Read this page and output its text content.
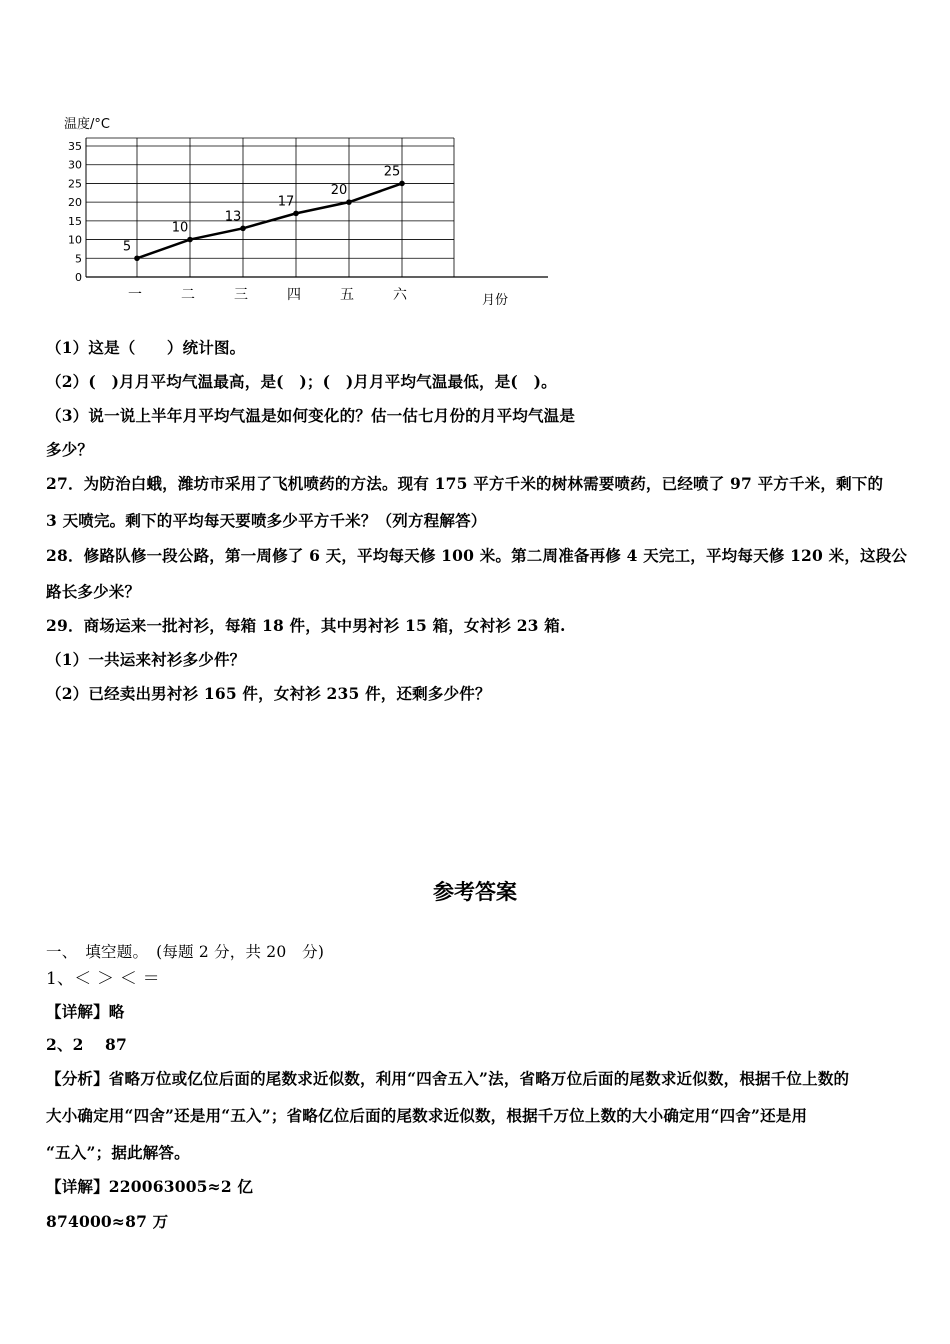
温度/°C
0
5
10
15
20
25
30
35
一	二	三	四	五	六
5
10
13
17
20
25
月份
（1）这是（　　）统计图。
（2）(　)月月平均气温最高，是(　)；(　)月月平均气温最低，是(　)。
（3）说一说上半年月平均气温是如何变化的？估一估七月份的月平均气温是
多少？
27．为防治白蛾，潍坊市采用了飞机喷药的方法。现有 175 平方千米的树林需要喷药，已经喷了 97 平方千米，剩下的
3 天喷完。剩下的平均每天要喷多少平方千米？（列方程解答）
28．修路队修一段公路，第一周修了 6 天，平均每天修 100 米。第二周准备再修 4 天完工，平均每天修 120 米，这段公
路长多少米？
29．商场运来一批衬衫，每箱 18 件，其中男衬衫 15 箱，女衬衫 23 箱.
（1）一共运来衬衫多少件？
（2）已经卖出男衬衫 165 件，女衬衫 235 件，还剩多少件？
参考答案
一、　填空题。　(每题 2 分，共 20　分)
1、＜ ＞ ＜ ＝
【详解】略
2、2　 87
【分析】省略万位或亿位后面的尾数求近似数，利用“四舍五入”法，省略万位后面的尾数求近似数，根据千位上数的
大小确定用“四舍”还是用“五入”；省略亿位后面的尾数求近似数，根据千万位上数的大小确定用“四舍”还是用
“五入”；据此解答。
【详解】220063005≈2 亿
874000≈87 万
